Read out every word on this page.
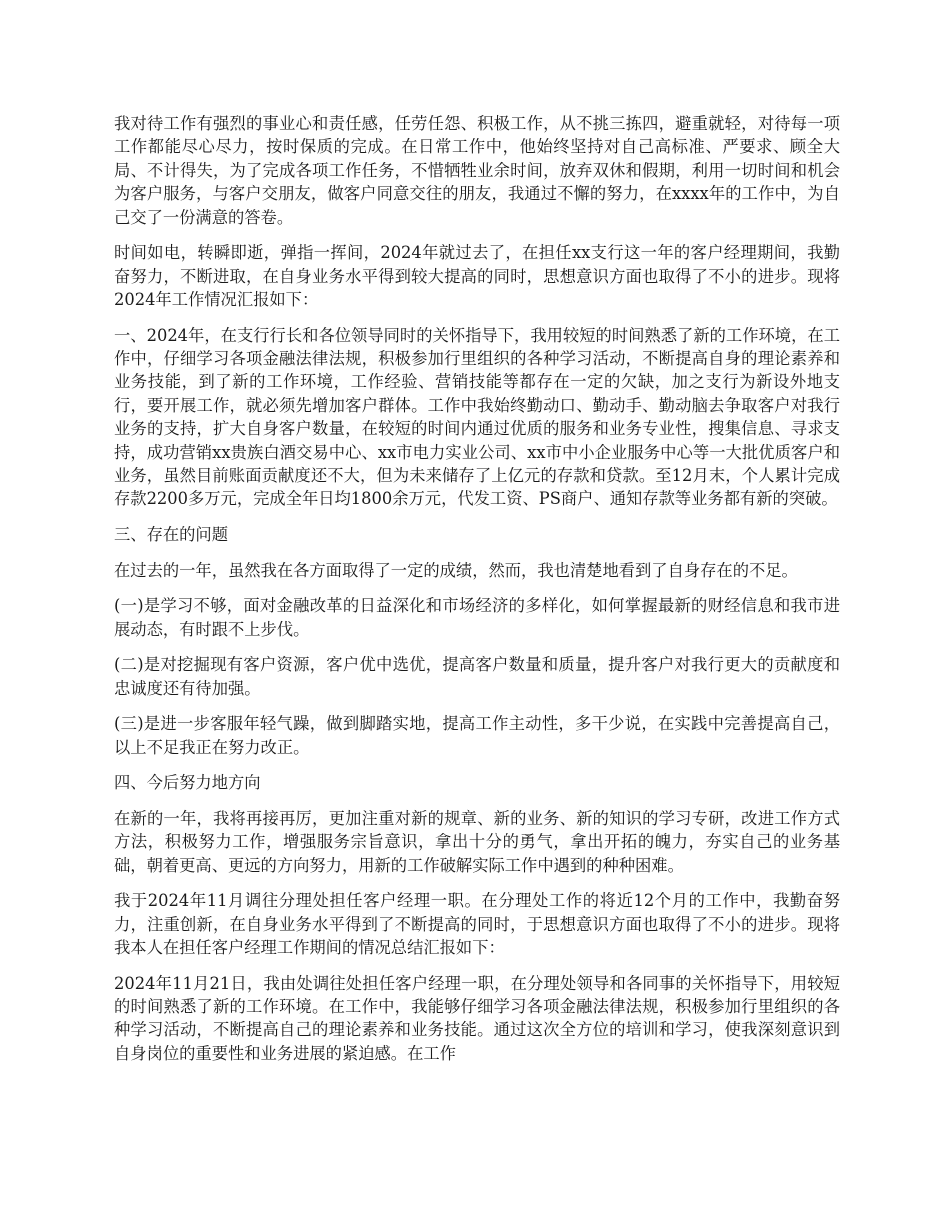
我对待工作有强烈的事业心和责任感，任劳任怨、积极工作，从不挑三拣四，避重就轻，对待每一项工作都能尽心尽力，按时保质的完成。在日常工作中，他始终坚持对自己高标准、严要求、顾全大局、不计得失，为了完成各项工作任务，不惜牺牲业余时间，放弃双休和假期，利用一切时间和机会为客户服务，与客户交朋友，做客户同意交往的朋友，我通过不懈的努力，在xxxx年的工作中，为自己交了一份满意的答卷。

时间如电，转瞬即逝，弹指一挥间，2024年就过去了，在担任xx支行这一年的客户经理期间，我勤奋努力，不断进取，在自身业务水平得到较大提高的同时，思想意识方面也取得了不小的进步。现将2024年工作情况汇报如下：

一、2024年，在支行行长和各位领导同时的关怀指导下，我用较短的时间熟悉了新的工作环境，在工作中，仔细学习各项金融法律法规，积极参加行里组织的各种学习活动，不断提高自身的理论素养和业务技能，到了新的工作环境，工作经验、营销技能等都存在一定的欠缺，加之支行为新设外地支行，要开展工作，就必须先增加客户群体。工作中我始终勤动口、勤动手、勤动脑去争取客户对我行业务的支持，扩大自身客户数量，在较短的时间内通过优质的服务和业务专业性，搜集信息、寻求支持，成功营销xx贵族白酒交易中心、xx市电力实业公司、xx市中小企业服务中心等一大批优质客户和业务，虽然目前账面贡献度还不大，但为未来储存了上亿元的存款和贷款。至12月末，个人累计完成存款2200多万元，完成全年日均1800余万元，代发工资、PS商户、通知存款等业务都有新的突破。

三、存在的问题

在过去的一年，虽然我在各方面取得了一定的成绩，然而，我也清楚地看到了自身存在的不足。

(一)是学习不够，面对金融改革的日益深化和市场经济的多样化，如何掌握最新的财经信息和我市进展动态，有时跟不上步伐。

(二)是对挖掘现有客户资源，客户优中选优，提高客户数量和质量，提升客户对我行更大的贡献度和忠诚度还有待加强。

(三)是进一步客服年轻气躁，做到脚踏实地，提高工作主动性，多干少说，在实践中完善提高自己，以上不足我正在努力改正。

四、今后努力地方向

在新的一年，我将再接再厉，更加注重对新的规章、新的业务、新的知识的学习专研，改进工作方式方法，积极努力工作，增强服务宗旨意识，拿出十分的勇气，拿出开拓的魄力，夯实自己的业务基础，朝着更高、更远的方向努力，用新的工作破解实际工作中遇到的种种困难。

我于2024年11月调往分理处担任客户经理一职。在分理处工作的将近12个月的工作中，我勤奋努力，注重创新，在自身业务水平得到了不断提高的同时，于思想意识方面也取得了不小的进步。现将我本人在担任客户经理工作期间的情况总结汇报如下：

2024年11月21日，我由处调往处担任客户经理一职，在分理处领导和各同事的关怀指导下，用较短的时间熟悉了新的工作环境。在工作中，我能够仔细学习各项金融法律法规，积极参加行里组织的各种学习活动，不断提高自己的理论素养和业务技能。通过这次全方位的培训和学习，使我深刻意识到自身岗位的重要性和业务进展的紧迫感。在工作
